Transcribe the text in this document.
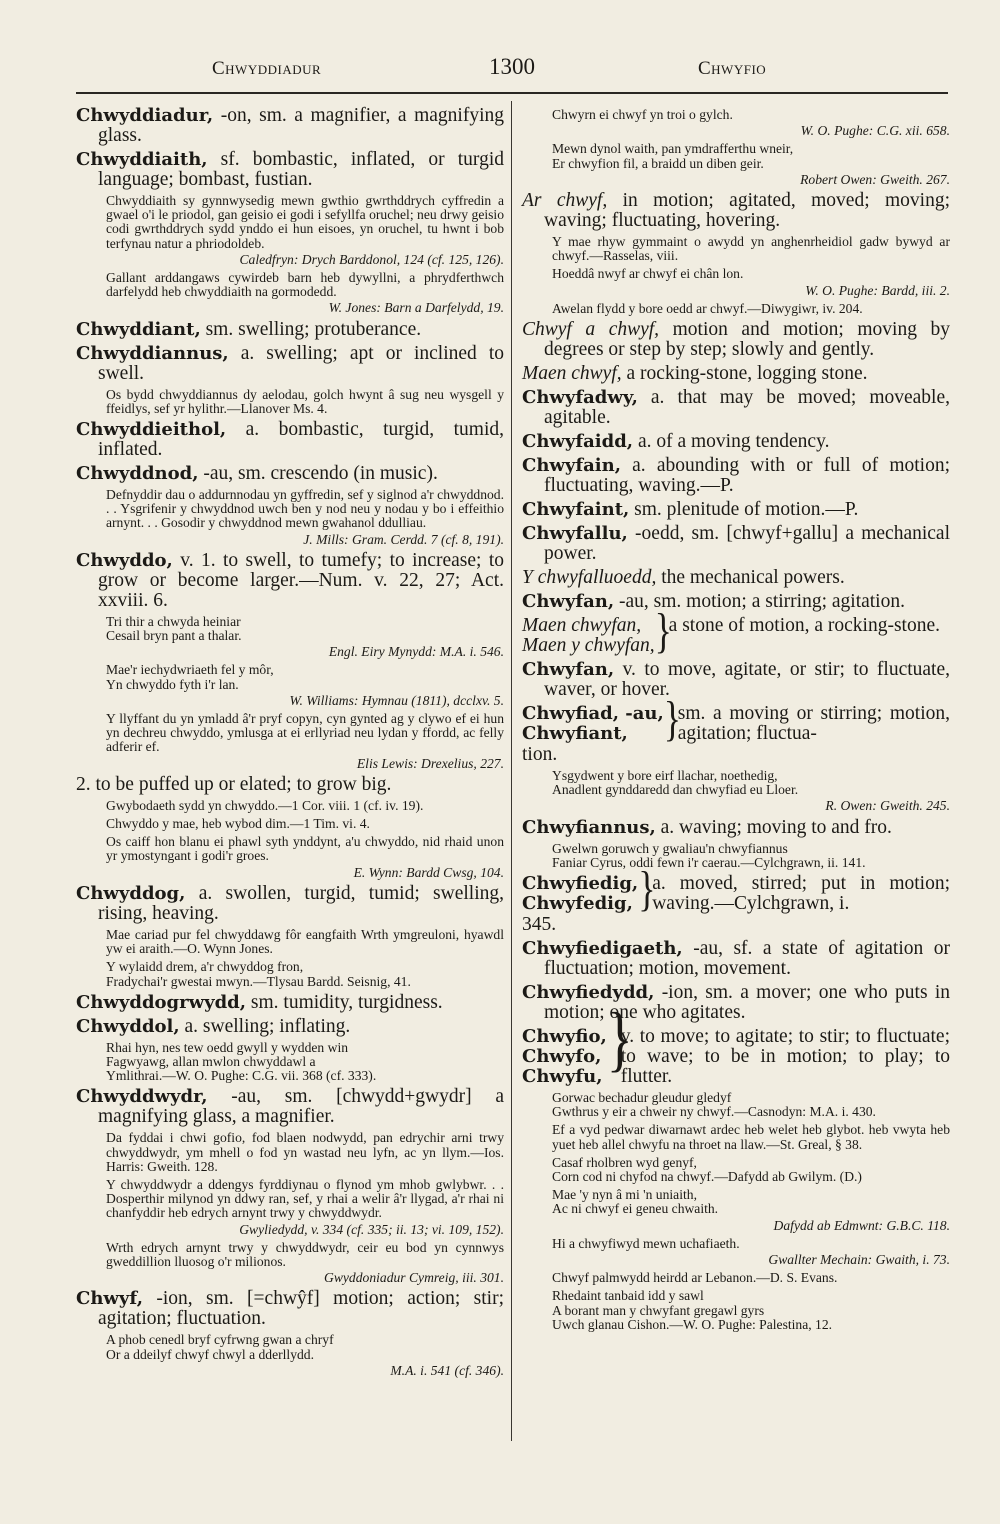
Chwyddiadur	1300	Chwyfio

Chwyddiadur, -on, sm. a magnifier, a magnifying glass.

Chwyddiaith, sf. bombastic, inflated, or turgid language; bombast, fustian.

Chwyddiaith sy gynnwysedig mewn gwthio gwrthddrych cyffredin a gwael o'i le priodol, gan geisio ei godi i sefyllfa oruchel; neu drwy geisio codi gwrthddrych sydd ynddo ei hun eisoes, yn oruchel, tu hwnt i bob terfynau natur a phriodoldeb.

Caledfryn: Drych Barddonol, 124 (cf. 125, 126).

Gallant arddangaws cywirdeb barn heb dywyllni, a phrydferthwch darfelydd heb chwyddiaith na gormodedd.

W. Jones: Barn a Darfelydd, 19.

Chwyddiant, sm. swelling; protuberance.

Chwyddiannus, a. swelling; apt or inclined to swell.

Os bydd chwyddiannus dy aelodau, golch hwynt â sug neu wysgell y ffeidlys, sef yr hylithr.—Llanover Ms. 4.

Chwyddieithol, a. bombastic, turgid, tumid, inflated.

Chwyddnod, -au, sm. crescendo (in music).

Defnyddir dau o addurnnodau yn gyffredin, sef y siglnod a'r chwyddnod. . . Ysgrifenir y chwyddnod uwch ben y nod neu y nodau y bo i effeithio arnynt. . . Gosodir y chwyddnod mewn gwahanol ddulliau.

J. Mills: Gram. Cerdd. 7 (cf. 8, 191).

Chwyddo, v. 1. to swell, to tumefy; to increase; to grow or become larger.—Num. v. 22, 27; Act. xxviii. 6.

Tri thir a chwyda heiniar
Cesail bryn pant a thalar.

Engl. Eiry Mynydd: M.A. i. 546.

Mae'r iechydwriaeth fel y môr,
Yn chwyddo fyth i'r lan.

W. Williams: Hymnau (1811), dcclxv. 5.

Y llyffant du yn ymladd â'r pryf copyn, cyn gynted ag y clywo ef ei hun yn dechreu chwyddo, ymlusga at ei erllyriad neu lydan y ffordd, ac felly adferir ef.

Elis Lewis: Drexelius, 227.

2. to be puffed up or elated; to grow big.

Gwybodaeth sydd yn chwyddo.—1 Cor. viii. 1 (cf. iv. 19).

Chwyddo y mae, heb wybod dim.—1 Tim. vi. 4.

Os caiff hon blanu ei phawl syth ynddynt, a'u chwyddo, nid rhaid unon yr ymostyngant i godi'r groes.

E. Wynn: Bardd Cwsg, 104.

Chwyddog, a. swollen, turgid, tumid; swelling, rising, heaving.

Mae cariad pur fel chwyddawg fôr eangfaith Wrth ymgreuloni, hyawdl yw ei araith.—O. Wynn Jones.

Y wylaidd drem, a'r chwyddog fron,
Fradychai'r gwestai mwyn.—Tlysau Bardd. Seisnig, 41.

Chwyddogrwydd, sm. tumidity, turgidness.

Chwyddol, a. swelling; inflating.

Rhai hyn, nes tew oedd gwyll y wydden win
Fagwyawg, allan mwlon chwyddawl a
Ymlithrai.—W. O. Pughe: C.G. vii. 368 (cf. 333).

Chwyddwydr, -au, sm. [chwydd+gwydr] a magnifying glass, a magnifier.

Da fyddai i chwi gofio, fod blaen nodwydd, pan edrychir arni trwy chwyddwydr, ym mhell o fod yn wastad neu lyfn, ac yn llym.—Ios. Harris: Gweith. 128.

Y chwyddwydr a ddengys fyrddiynau o flynod ym mhob gwlybwr. . . Dosperthir milynod yn ddwy ran, sef, y rhai a welir â'r llygad, a'r rhai ni chanfyddir heb edrych arnynt trwy y chwyddwydr.

Gwyliedydd, v. 334 (cf. 335; ii. 13; vi. 109, 152).

Wrth edrych arnynt trwy y chwyddwydr, ceir eu bod yn cynnwys gweddillion lluosog o'r milionos.

Gwyddoniadur Cymreig, iii. 301.

Chwyf, -ion, sm. [=chwŷf] motion; action; stir; agitation; fluctuation.

A phob cenedl bryf cyfrwng gwan a chryf
Or a ddeilyf chwyf chwyl a dderllydd.

M.A. i. 541 (cf. 346).

Chwyrn ei chwyf yn troi o gylch.

W. O. Pughe: C.G. xii. 658.

Mewn dynol waith, pan ymdrafferthu wneir,
Er chwyfion fil, a braidd un diben geir.

Robert Owen: Gweith. 267.

Ar chwyf, in motion; agitated, moved; moving; waving; fluctuating, hovering.

Y mae rhyw gymmaint o awydd yn anghenrheidiol gadw bywyd ar chwyf.—Rasselas, viii.

Hoeddâ nwyf ar chwyf ei chân lon.

W. O. Pughe: Bardd, iii. 2.

Awelan flydd y bore oedd ar chwyf.—Diwygiwr, iv. 204.

Chwyf a chwyf, motion and motion; moving by degrees or step by step; slowly and gently.

Maen chwyf, a rocking-stone, logging stone.

Chwyfadwy, a. that may be moved; moveable, agitable.

Chwyfaidd, a. of a moving tendency.

Chwyfain, a. abounding with or full of motion; fluctuating, waving.—P.

Chwyfaint, sm. plenitude of motion.—P.

Chwyfallu, -oedd, sm. [chwyf+gallu] a mechanical power.

Y chwyfalluoedd, the mechanical powers.

Chwyfan, -au, sm. motion; a stirring; agitation.

Maen chwyfan,
Maen y chwyfan, }
a stone of motion, a rocking-stone.

Chwyfan, v. to move, agitate, or stir; to fluctuate, waver, or hover.

Chwyfiad, -au,
Chwyfiant, }
sm. a moving or stirring; motion, agitation; fluctua-

tion.

Ysgydwent y bore eirf llachar, noethedig,
Anadlent gynddaredd dan chwyfiad eu Lloer.

R. Owen: Gweith. 245.

Chwyfiannus, a. waving; moving to and fro.

Gwelwn goruwch y gwaliau'n chwyfiannus
Faniar Cyrus, oddi fewn i'r caerau.—Cylchgrawn, ii. 141.

Chwyfiedig,
Chwyfedig, }
a. moved, stirred; put in motion; waving.—Cylchgrawn, i.

345.

Chwyfiedigaeth, -au, sf. a state of agitation or fluctuation; motion, movement.

Chwyfiedydd, -ion, sm. a mover; one who puts in motion; one who agitates.

Chwyfio,
Chwyfo,
Chwyfu, }
v. to move; to agitate; to stir; to fluctuate; to wave; to be in motion; to play; to flutter.

Gorwac bechadur gleudur gledyf
Gwthrus y eir a chweir ny chwyf.—Casnodyn: M.A. i. 430.

Ef a vyd pedwar diwarnawt ardec heb welet heb glybot. heb vwyta heb yuet heb allel chwyfu na throet na llaw.—St. Greal, § 38.

Casaf rholbren wyd genyf,
Corn cod ni chyfod na chwyf.—Dafydd ab Gwilym. (D.)

Mae 'y nyn â mi 'n uniaith,
Ac ni chwyf ei geneu chwaith.

Dafydd ab Edmwnt: G.B.C. 118.

Hi a chwyfiwyd mewn uchafiaeth.

Gwallter Mechain: Gwaith, i. 73.

Chwyf palmwydd heirdd ar Lebanon.—D. S. Evans.

Rhedaint tanbaid idd y sawl
A borant man y chwyfant gregawl gyrs
Uwch glanau Cishon.—W. O. Pughe: Palestina, 12.
